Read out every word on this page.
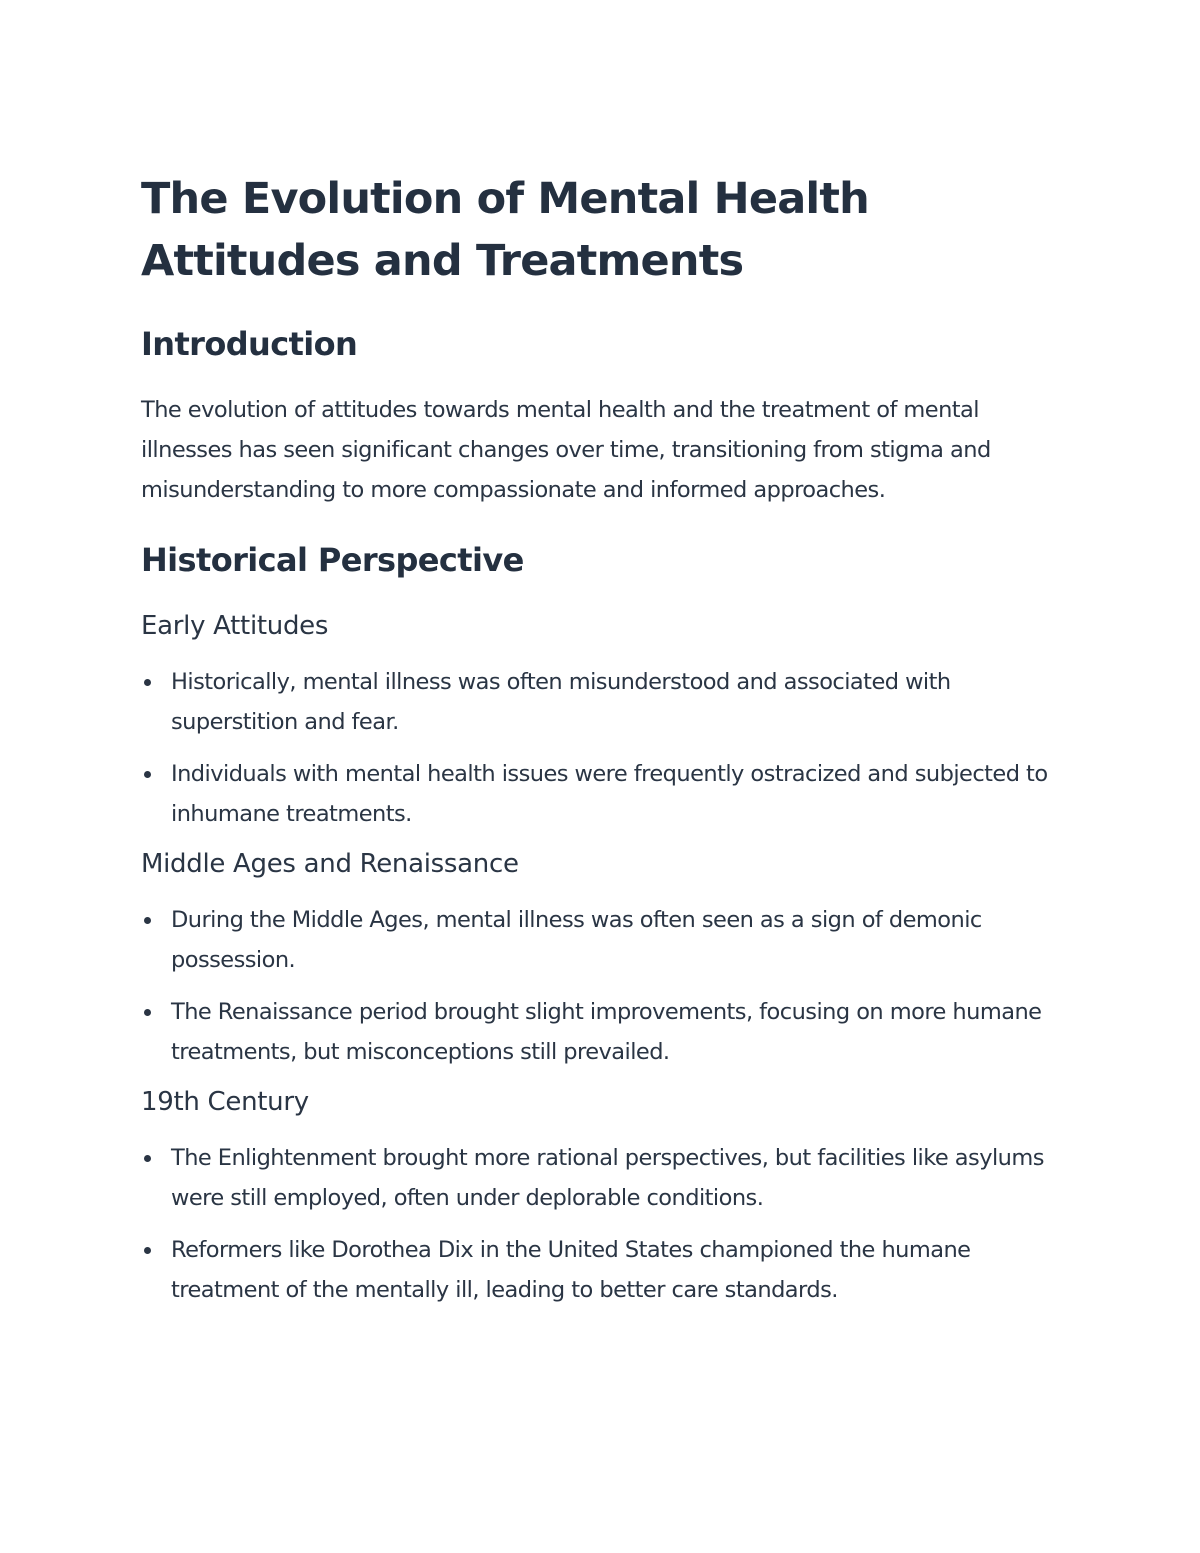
The Evolution of Mental Health
Attitudes and Treatments
Introduction

The evolution of attitudes towards mental health and the treatment of mental illnesses has seen significant changes over time, transitioning from stigma and misunderstanding to more compassionate and informed approaches.

Historical Perspective
Early Attitudes
Historically, mental illness was often misunderstood and associated with superstition and fear.
Individuals with mental health issues were frequently ostracized and subjected to inhumane treatments.
Middle Ages and Renaissance
During the Middle Ages, mental illness was often seen as a sign of demonic possession.
The Renaissance period brought slight improvements, focusing on more humane treatments, but misconceptions still prevailed.
19th Century
The Enlightenment brought more rational perspectives, but facilities like asylums were still employed, often under deplorable conditions.
Reformers like Dorothea Dix in the United States championed the humane treatment of the mentally ill, leading to better care standards.
